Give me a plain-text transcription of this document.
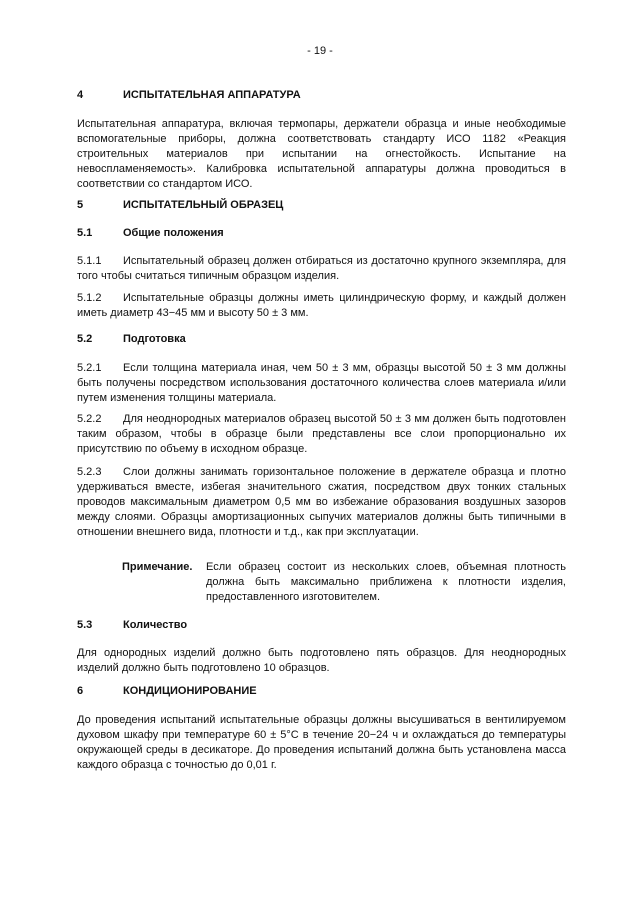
- 19 -
4	ИСПЫТАТЕЛЬНАЯ АППАРАТУРА

Испытательная аппаратура, включая термопары, держатели образца и иные необходимые вспомогательные приборы, должна соответствовать стандарту ИСО 1182 «Реакция строительных материалов при испытании на огнестойкость. Испытание на невоспламеняемость». Калибровка испытательной аппаратуры должна проводиться в соответствии со стандартом ИСО.

5	ИСПЫТАТЕЛЬНЫЙ ОБРАЗЕЦ
5.1	Общие положения

5.1.1 Испытательный образец должен отбираться из достаточно крупного экземпляра, для того чтобы считаться типичным образцом изделия.

5.1.2 Испытательные образцы должны иметь цилиндрическую форму, и каждый должен иметь диаметр 43−45 мм и высоту 50 ± 3 мм.

5.2	Подготовка

5.2.1 Если толщина материала иная, чем 50 ± 3 мм, образцы высотой 50 ± 3 мм должны быть получены посредством использования достаточного количества слоев материала и/или путем изменения толщины материала.

5.2.2 Для неоднородных материалов образец высотой 50 ± 3 мм должен быть подготовлен таким образом, чтобы в образце были представлены все слои пропорционально их присутствию по объему в исходном образце.

5.2.3 Слои должны занимать горизонтальное положение в держателе образца и плотно удерживаться вместе, избегая значительного сжатия, посредством двух тонких стальных проводов максимальным диаметром 0,5 мм во избежание образования воздушных зазоров между слоями. Образцы амортизационных сыпучих материалов должны быть типичными в отношении внешнего вида, плотности и т.д., как при эксплуатации.

Примечание.	Если образец состоит из нескольких слоев, объемная плотность должна быть максимально приближена к плотности изделия, предоставленного изготовителем.
5.3	Количество

Для однородных изделий должно быть подготовлено пять образцов. Для неоднородных изделий должно быть подготовлено 10 образцов.

6	КОНДИЦИОНИРОВАНИЕ

До проведения испытаний испытательные образцы должны высушиваться в вентилируемом духовом шкафу при температуре 60 ± 5°С в течение 20−24 ч и охлаждаться до температуры окружающей среды в десикаторе. До проведения испытаний должна быть установлена масса каждого образца с точностью до 0,01 г.
